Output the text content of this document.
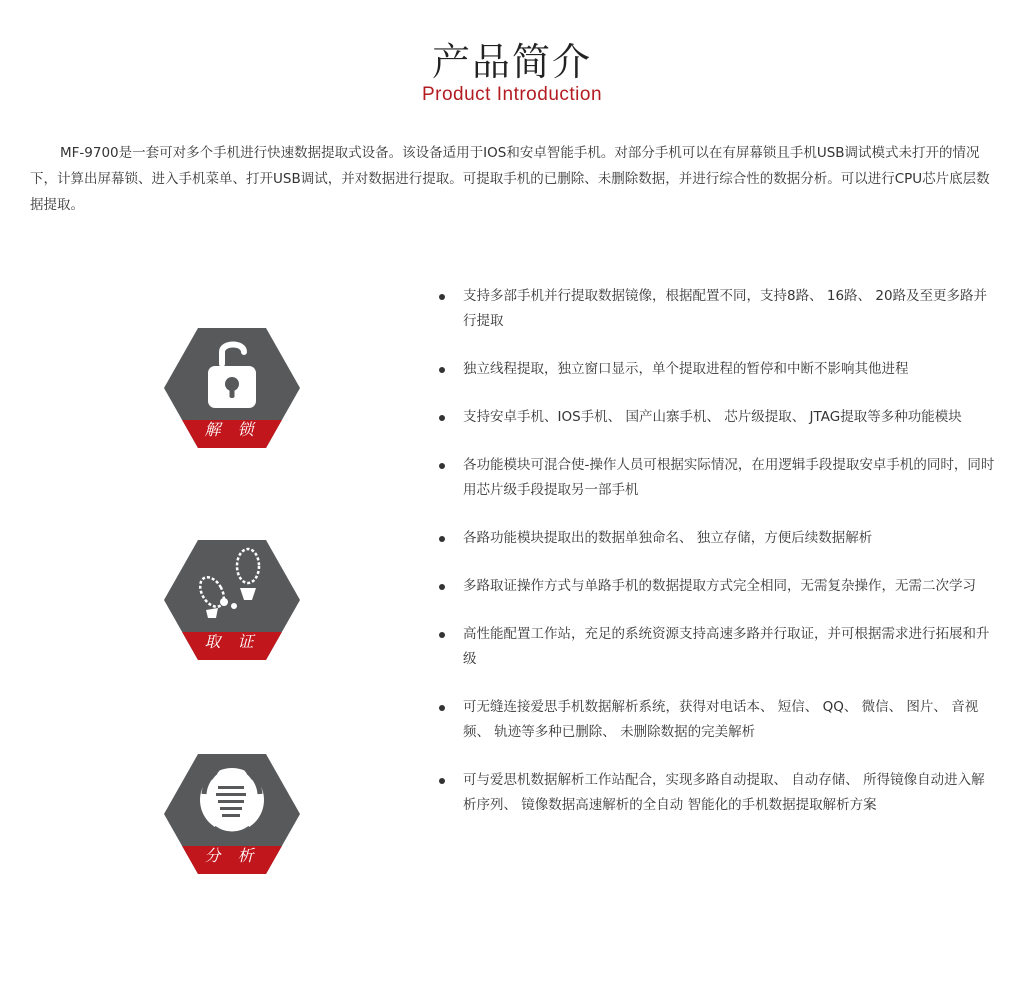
产品简介
Product Introduction

MF-9700是一套可对多个手机进行快速数据提取式设备。该设备适用于IOS和安卓智能手机。对部分手机可以在有屏幕锁且手机USB调试模式未打开的情况下，计算出屏幕锁、进入手机菜单、打开USB调试，并对数据进行提取。可提取手机的已删除、未删除数据，并进行综合性的数据分析。可以进行CPU芯片底层数据提取。

解 锁
取 证
分 析
支持多部手机并行提取数据镜像，根据配置不同，支持8路、 16路、 20路及至更多路并行提取
独立线程提取，独立窗口显示，单个提取进程的暂停和中断不影响其他进程
支持安卓手机、IOS手机、 国产山寨手机、 芯片级提取、 JTAG提取等多种功能模块
各功能模块可混合使-操作人员可根据实际情况，在用逻辑手段提取安卓手机的同时，同时用芯片级手段提取另一部手机
各路功能模块提取出的数据单独命名、 独立存储，方便后续数据解析
多路取证操作方式与单路手机的数据提取方式完全相同，无需复杂操作，无需二次学习
高性能配置工作站，充足的系统资源支持高速多路并行取证，并可根据需求进行拓展和升级
可无缝连接爱思手机数据解析系统，获得对电话本、 短信、 QQ、 微信、 图片、 音视频、 轨迹等多种已删除、 未删除数据的完美解析
可与爱思机数据解析工作站配合，实现多路自动提取、 自动存储、 所得镜像自动进入解析序列、 镜像数据高速解析的全自动 智能化的手机数据提取解析方案
